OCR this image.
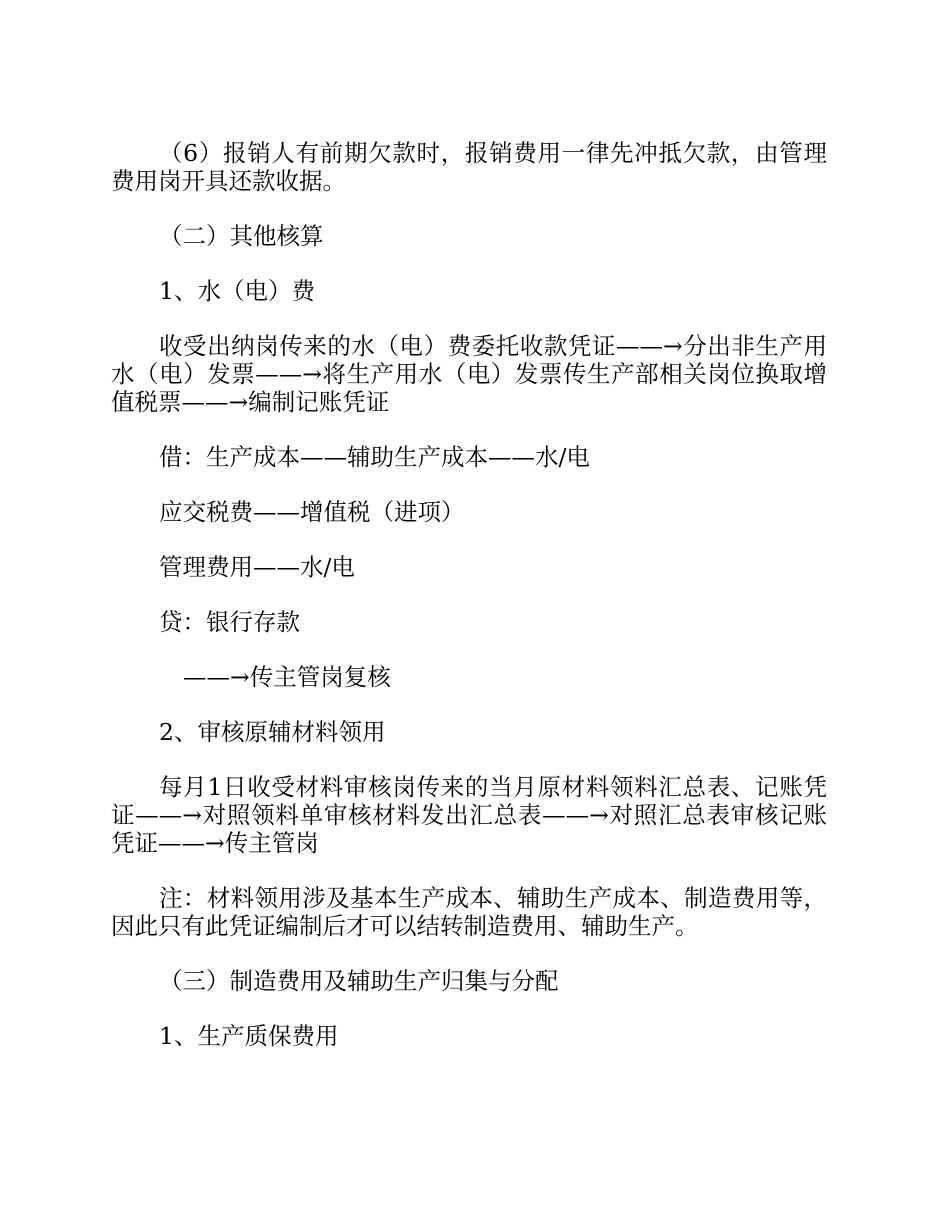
（6）报销人有前期欠款时，报销费用一律先冲抵欠款，由管理费用岗开具还款收据。

（二）其他核算

1、水（电）费

收受出纳岗传来的水（电）费委托收款凭证——→分出非生产用水（电）发票——→将生产用水（电）发票传生产部相关岗位换取增值税票——→编制记账凭证

借：生产成本——辅助生产成本——水/电

应交税费——增值税（进项）

管理费用——水/电

贷：银行存款

——→传主管岗复核

2、审核原辅材料领用

每月1日收受材料审核岗传来的当月原材料领料汇总表、记账凭证——→对照领料单审核材料发出汇总表——→对照汇总表审核记账凭证——→传主管岗

注：材料领用涉及基本生产成本、辅助生产成本、制造费用等，因此只有此凭证编制后才可以结转制造费用、辅助生产。

（三）制造费用及辅助生产归集与分配

1、生产质保费用
